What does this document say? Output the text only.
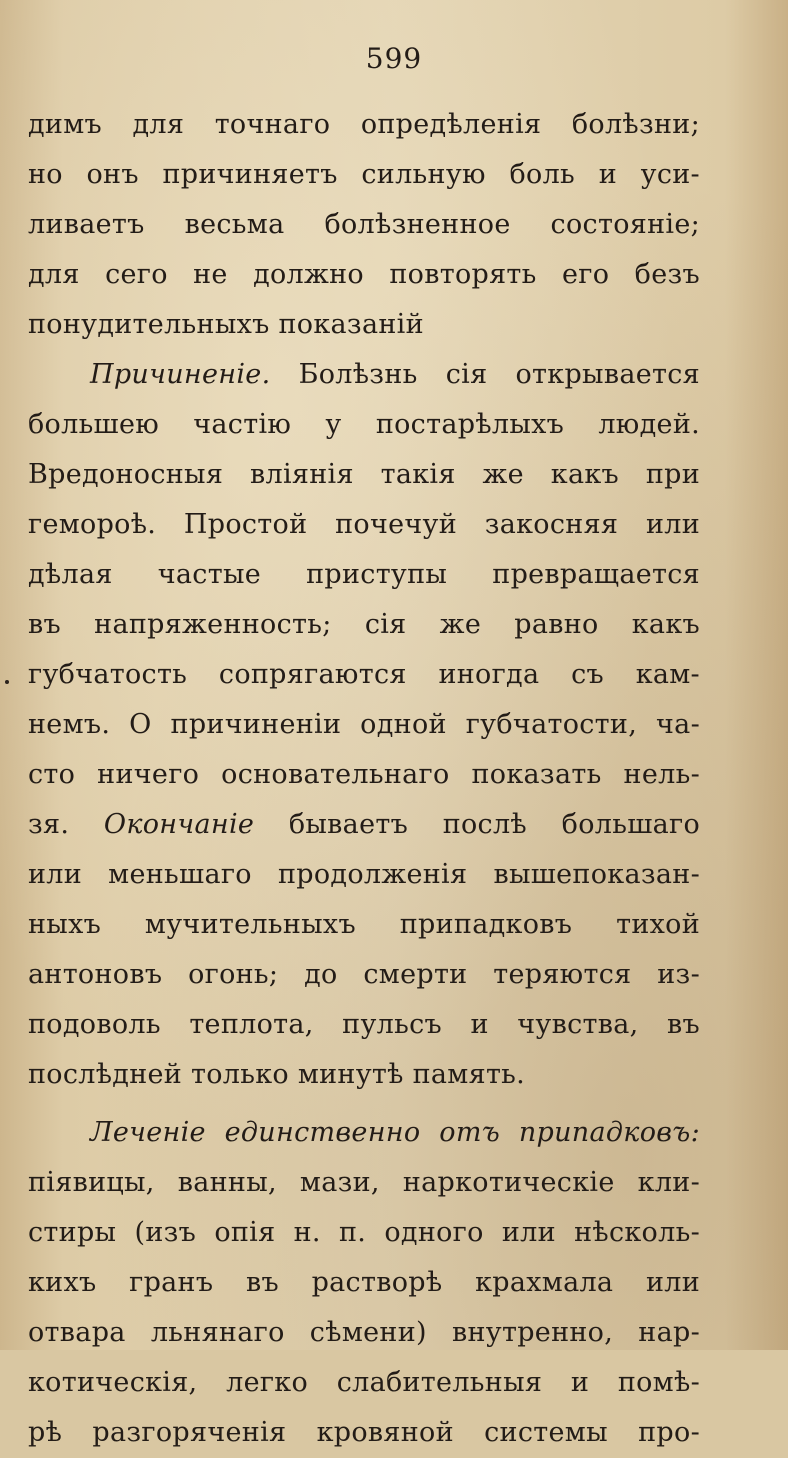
599
димъ для точнаго опредѣленія болѣзни;
но онъ причиняетъ сильную боль и уси-
ливаетъ весьма болѣзненное состояніе;
для сего не должно повторять его безъ
понудительныхъ показаній
Причиненіе. Болѣзнь сія открывается
большею частію у постарѣлыхъ людей.
Вредоносныя вліянія такія же какъ при
гемороѣ. Простой почечуй закосняя или
дѣлая частые приступы превращается
въ напряженность; сія же равно какъ
губчатость сопрягаются иногда съ кам-
немъ. О причиненіи одной губчатости, ча-
сто ничего основательнаго показать нель-
зя. Окончаніе бываетъ послѣ большаго
или меньшаго продолженія вышепоказан-
ныхъ мучительныхъ припадковъ тихой
антоновъ огонь; до смерти теряются из-
подоволь теплота, пульсъ и чувства, въ
послѣдней только минутѣ память.
Леченіе единственно отъ припадковъ:
піявицы, ванны, мази, наркотическіе кли-
стиры (изъ опія н. п. одного или нѣсколь-
кихъ гранъ въ растворѣ крахмала или
отвара льнянаго сѣмени) внутренно, нар-
котическія, легко слабительныя и помѣ-
рѣ разгоряченія кровяной системы про-
